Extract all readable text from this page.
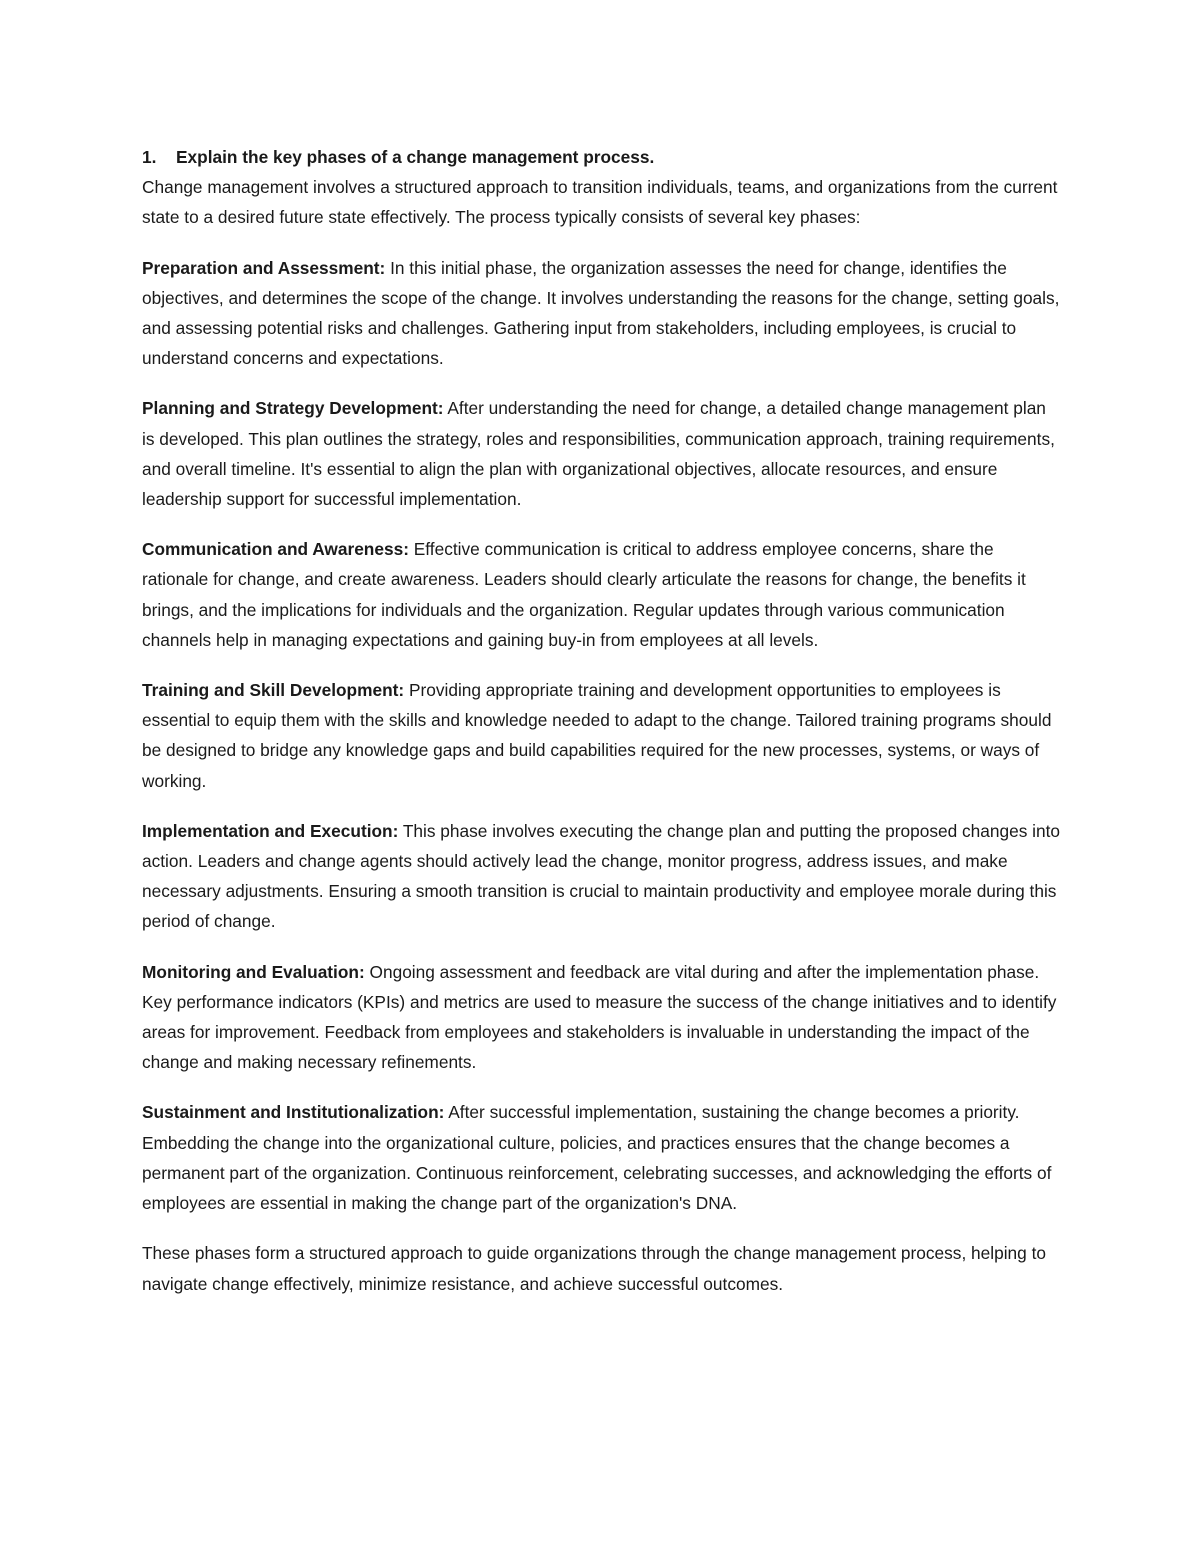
1.	Explain the key phases of a change management process.

Change management involves a structured approach to transition individuals, teams, and organizations from the current state to a desired future state effectively. The process typically consists of several key phases:

Preparation and Assessment: In this initial phase, the organization assesses the need for change, identifies the objectives, and determines the scope of the change. It involves understanding the reasons for the change, setting goals, and assessing potential risks and challenges. Gathering input from stakeholders, including employees, is crucial to understand concerns and expectations.

Planning and Strategy Development: After understanding the need for change, a detailed change management plan is developed. This plan outlines the strategy, roles and responsibilities, communication approach, training requirements, and overall timeline. It's essential to align the plan with organizational objectives, allocate resources, and ensure leadership support for successful implementation.

Communication and Awareness: Effective communication is critical to address employee concerns, share the rationale for change, and create awareness. Leaders should clearly articulate the reasons for change, the benefits it brings, and the implications for individuals and the organization. Regular updates through various communication channels help in managing expectations and gaining buy-in from employees at all levels.

Training and Skill Development: Providing appropriate training and development opportunities to employees is essential to equip them with the skills and knowledge needed to adapt to the change. Tailored training programs should be designed to bridge any knowledge gaps and build capabilities required for the new processes, systems, or ways of working.

Implementation and Execution: This phase involves executing the change plan and putting the proposed changes into action. Leaders and change agents should actively lead the change, monitor progress, address issues, and make necessary adjustments. Ensuring a smooth transition is crucial to maintain productivity and employee morale during this period of change.

Monitoring and Evaluation: Ongoing assessment and feedback are vital during and after the implementation phase. Key performance indicators (KPIs) and metrics are used to measure the success of the change initiatives and to identify areas for improvement. Feedback from employees and stakeholders is invaluable in understanding the impact of the change and making necessary refinements.

Sustainment and Institutionalization: After successful implementation, sustaining the change becomes a priority. Embedding the change into the organizational culture, policies, and practices ensures that the change becomes a permanent part of the organization. Continuous reinforcement, celebrating successes, and acknowledging the efforts of employees are essential in making the change part of the organization's DNA.

These phases form a structured approach to guide organizations through the change management process, helping to navigate change effectively, minimize resistance, and achieve successful outcomes.
